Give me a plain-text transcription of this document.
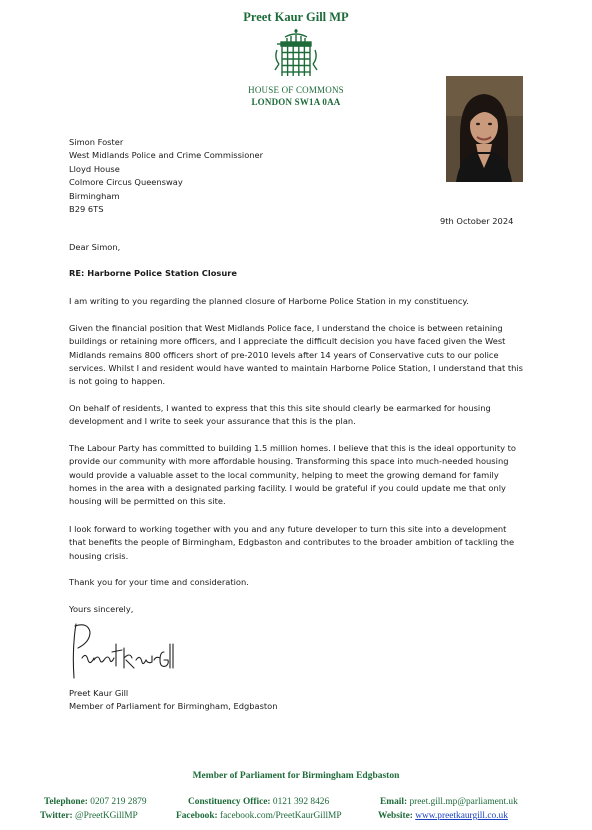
Preet Kaur Gill MP
HOUSE OF COMMONS
LONDON SW1A 0AA
Simon Foster
West Midlands Police and Crime Commissioner
Lloyd House
Colmore Circus Queensway
Birmingham
B29 6TS
9th October 2024
Dear Simon,
RE: Harborne Police Station Closure

I am writing to you regarding the planned closure of Harborne Police Station in my constituency.

Given the financial position that West Midlands Police face, I understand the choice is between retaining buildings or retaining more officers, and I appreciate the difficult decision you have faced given the West Midlands remains 800 officers short of pre-2010 levels after 14 years of Conservative cuts to our police services. Whilst I and resident would have wanted to maintain Harborne Police Station, I understand that this is not going to happen.

On behalf of residents, I wanted to express that this this site should clearly be earmarked for housing development and I write to seek your assurance that this is the plan.

The Labour Party has committed to building 1.5 million homes. I believe that this is the ideal opportunity to provide our community with more affordable housing. Transforming this space into much-needed housing would provide a valuable asset to the local community, helping to meet the growing demand for family homes in the area with a designated parking facility. I would be grateful if you could update me that only housing will be permitted on this site.

I look forward to working together with you and any future developer to turn this site into a development that benefits the people of Birmingham, Edgbaston and contributes to the broader ambition of tackling the housing crisis.

Thank you for your time and consideration.
Yours sincerely,
Preet Kaur Gill
Member of Parliament for Birmingham, Edgbaston
Member of Parliament for Birmingham Edgbaston
Telephone: 0207 219 2879	Constituency Office: 0121 392 8426	Email: preet.gill.mp@parliament.uk
Twitter: @PreetKGillMP	Facebook: facebook.com/PreetKaurGillMP	Website: www.preetkaurgill.co.uk
